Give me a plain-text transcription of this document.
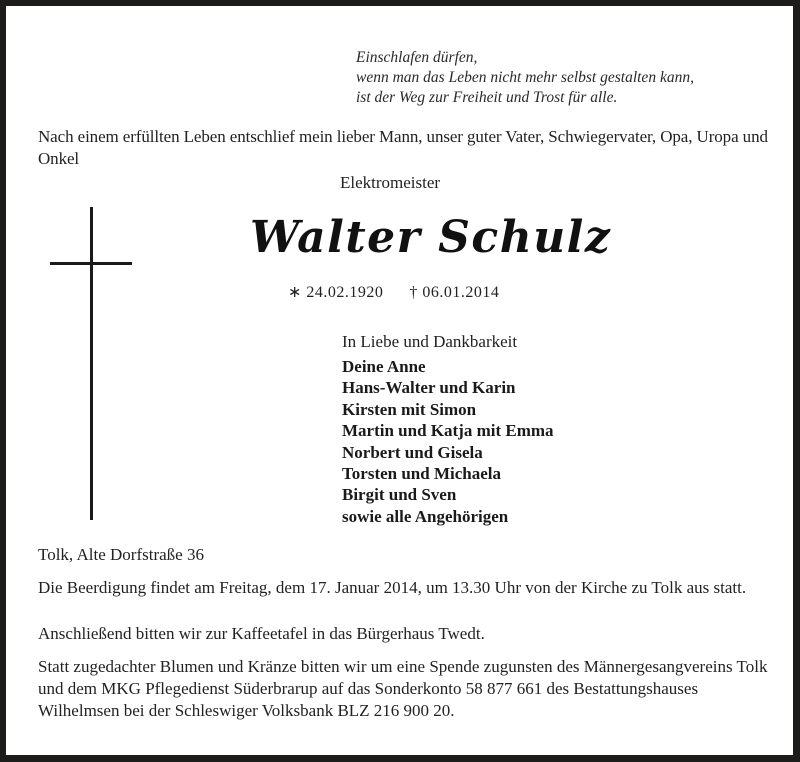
Einschlafen dürfen,
wenn man das Leben nicht mehr selbst gestalten kann,
ist der Weg zur Freiheit und Trost für alle.
Nach einem erfüllten Leben entschlief mein lieber Mann, unser guter Vater, Schwiegervater, Opa, Uropa und Onkel
Elektromeister
Walter Schulz
∗ 24.02.1920 † 06.01.2014
In Liebe und Dankbarkeit
Deine Anne
Hans-Walter und Karin
Kirsten mit Simon
Martin und Katja mit Emma
Norbert und Gisela
Torsten und Michaela
Birgit und Sven
sowie alle Angehörigen
Tolk, Alte Dorfstraße 36
Die Beerdigung findet am Freitag, dem 17. Januar 2014, um 13.30 Uhr von der Kirche zu Tolk aus statt.
Anschließend bitten wir zur Kaffeetafel in das Bürgerhaus Twedt.
Statt zugedachter Blumen und Kränze bitten wir um eine Spende zugunsten des Männergesangvereins Tolk und dem MKG Pflegedienst Süderbrarup auf das Sonderkonto 58 877 661 des Bestattungshauses Wilhelmsen bei der Schleswiger Volksbank BLZ 216 900 20.
